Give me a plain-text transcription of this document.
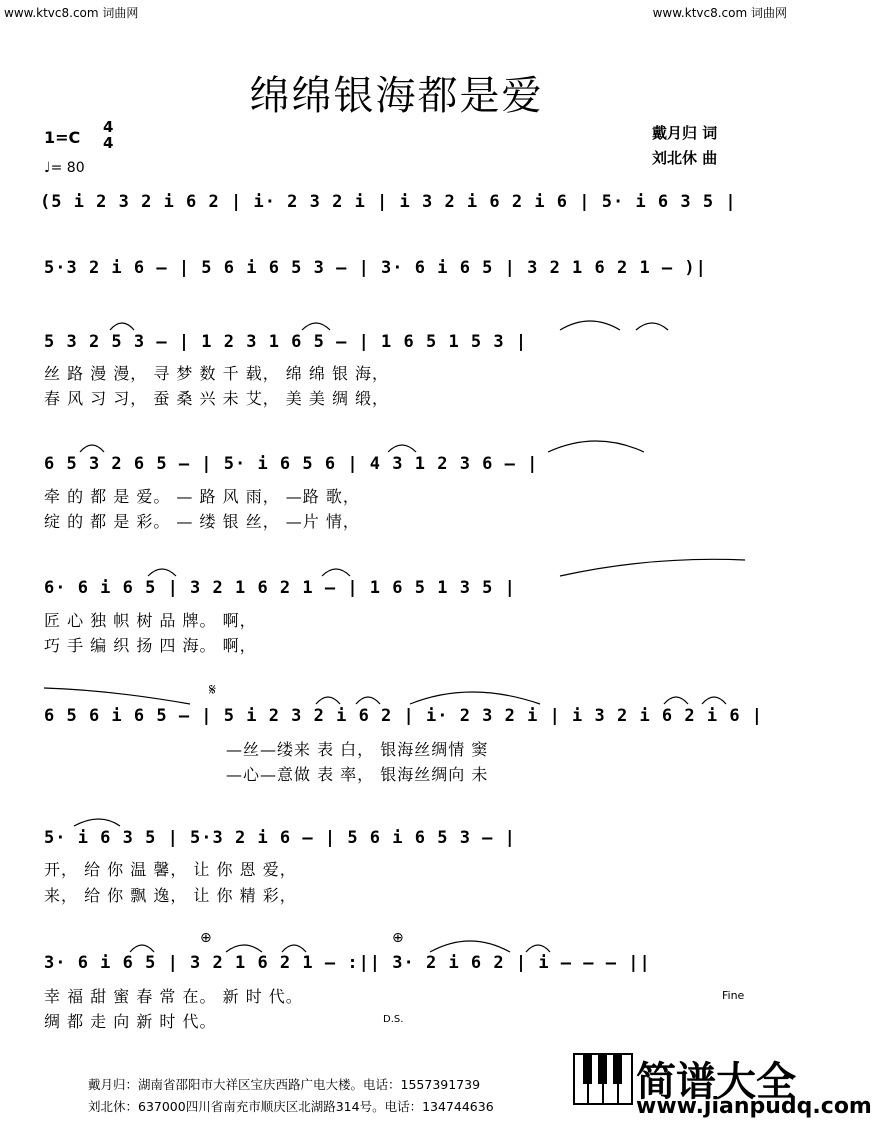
www.ktvc8.com 词曲网	www.ktvc8.com 词曲网
绵绵银海都是爱
1=C
4
4
♩= 80
戴月归 词
刘北休 曲
(5 i 2 3 2 i 6 2 | i· 2 3 2 i | i 3 2 i 6 2 i 6 | 5· i 6 3 5 |
5·3 2 i 6 – | 5 6 i 6 5 3 – | 3· 6 i 6 5 | 3 2 1 6 2 1 – )|
5 3 2 5 3 – | 1 2 3 1 6 5 – | 1 6 5 1 5 3 |
丝 路 漫 漫， 寻 梦 数 千 载， 绵 绵 银 海，
春 风 习 习， 蚕 桑 兴 未 艾， 美 美 绸 缎，
6 5 3 2 6 5 – | 5· i 6 5 6 | 4 3 1 2 3 6 – |
牵 的 都 是 爱。 — 路 风 雨， —路 歌，
绽 的 都 是 彩。 — 缕 银 丝， —片 情，
6· 6 i 6 5 | 3 2 1 6 2 1 – | 1 6 5 1 3 5 |
匠 心 独 帜 树 品 牌。 啊，
巧 手 编 织 扬 四 海。 啊，
𝄋
6 5 6 i 6 5 – | 5 i 2 3 2 i 6 2 | i· 2 3 2 i | i 3 2 i 6 2 i 6 |
—丝—缕来 表 白， 银海丝绸情 窦
—心—意做 表 率， 银海丝绸向 未
5· i 6 3 5 | 5·3 2 i 6 – | 5 6 i 6 5 3 – |
开， 给 你 温 馨， 让 你 恩 爱，
来， 给 你 飘 逸， 让 你 精 彩，
⊕	⊕
3· 6 i 6 5 | 3 2 1 6 2 1 – :|| 3· 2 i 6 2 | i – – – ||
幸 福 甜 蜜 春 常 在。 新 时 代。
绸 都 走 向 新 时 代。
Fine
D.S.
戴月归：湖南省邵阳市大祥区宝庆西路广电大楼。电话：1557391739
刘北休：637000四川省南充市顺庆区北湖路314号。电话：134744636
简谱大全
www.jianpudq.com
